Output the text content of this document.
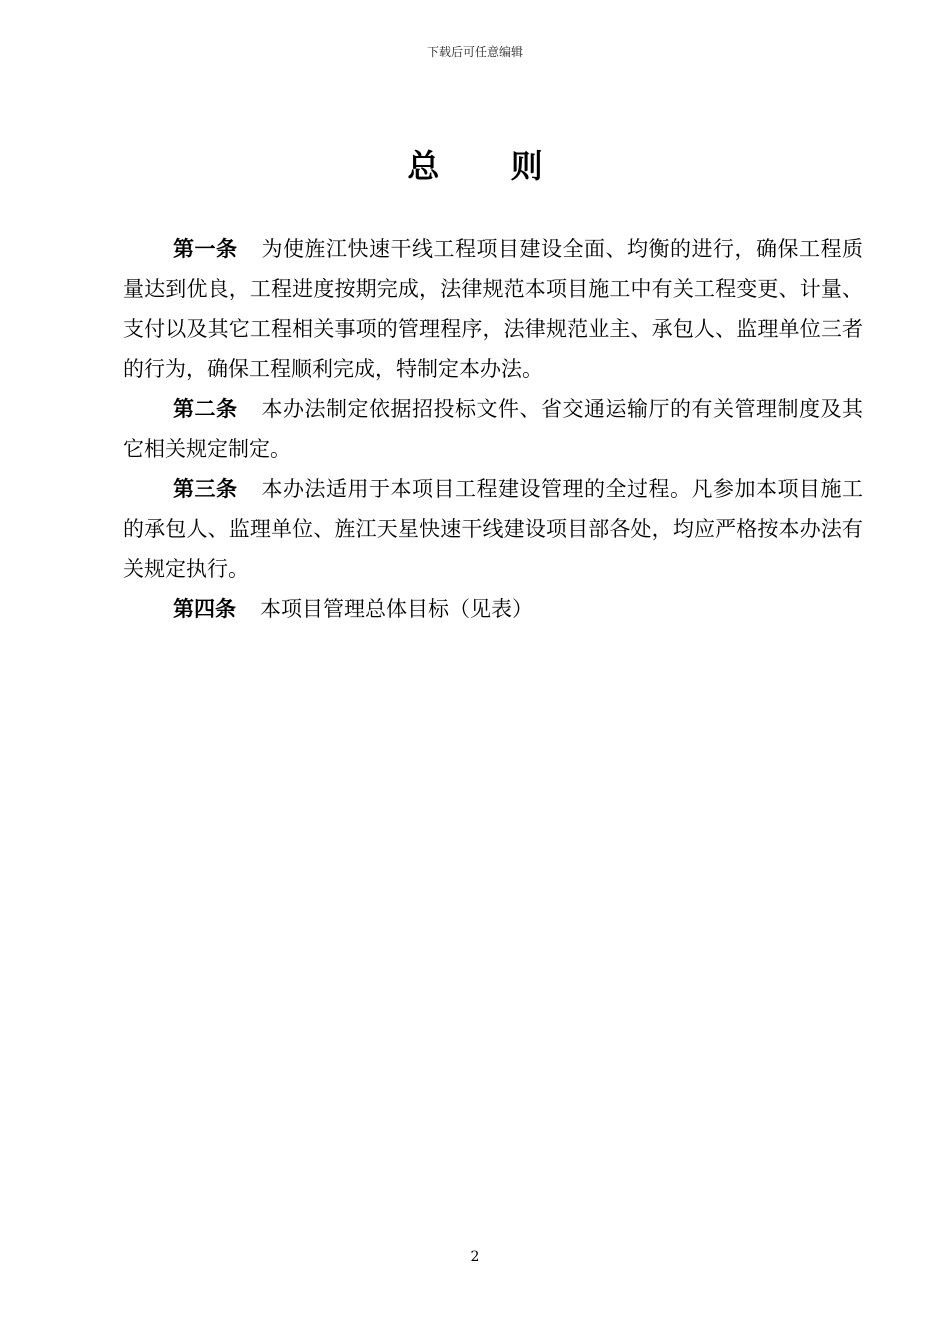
下载后可任意编辑
总 则

第一条 为使旌江快速干线工程项目建设全面、均衡的进行，确保工程质量达到优良，工程进度按期完成，法律规范本项目施工中有关工程变更、计量、支付以及其它工程相关事项的管理程序，法律规范业主、承包人、监理单位三者的行为，确保工程顺利完成，特制定本办法。

第二条 本办法制定依据招投标文件、省交通运输厅的有关管理制度及其它相关规定制定。

第三条 本办法适用于本项目工程建设管理的全过程。凡参加本项目施工的承包人、监理单位、旌江天星快速干线建设项目部各处，均应严格按本办法有关规定执行。

第四条 本项目管理总体目标（见表）

2
